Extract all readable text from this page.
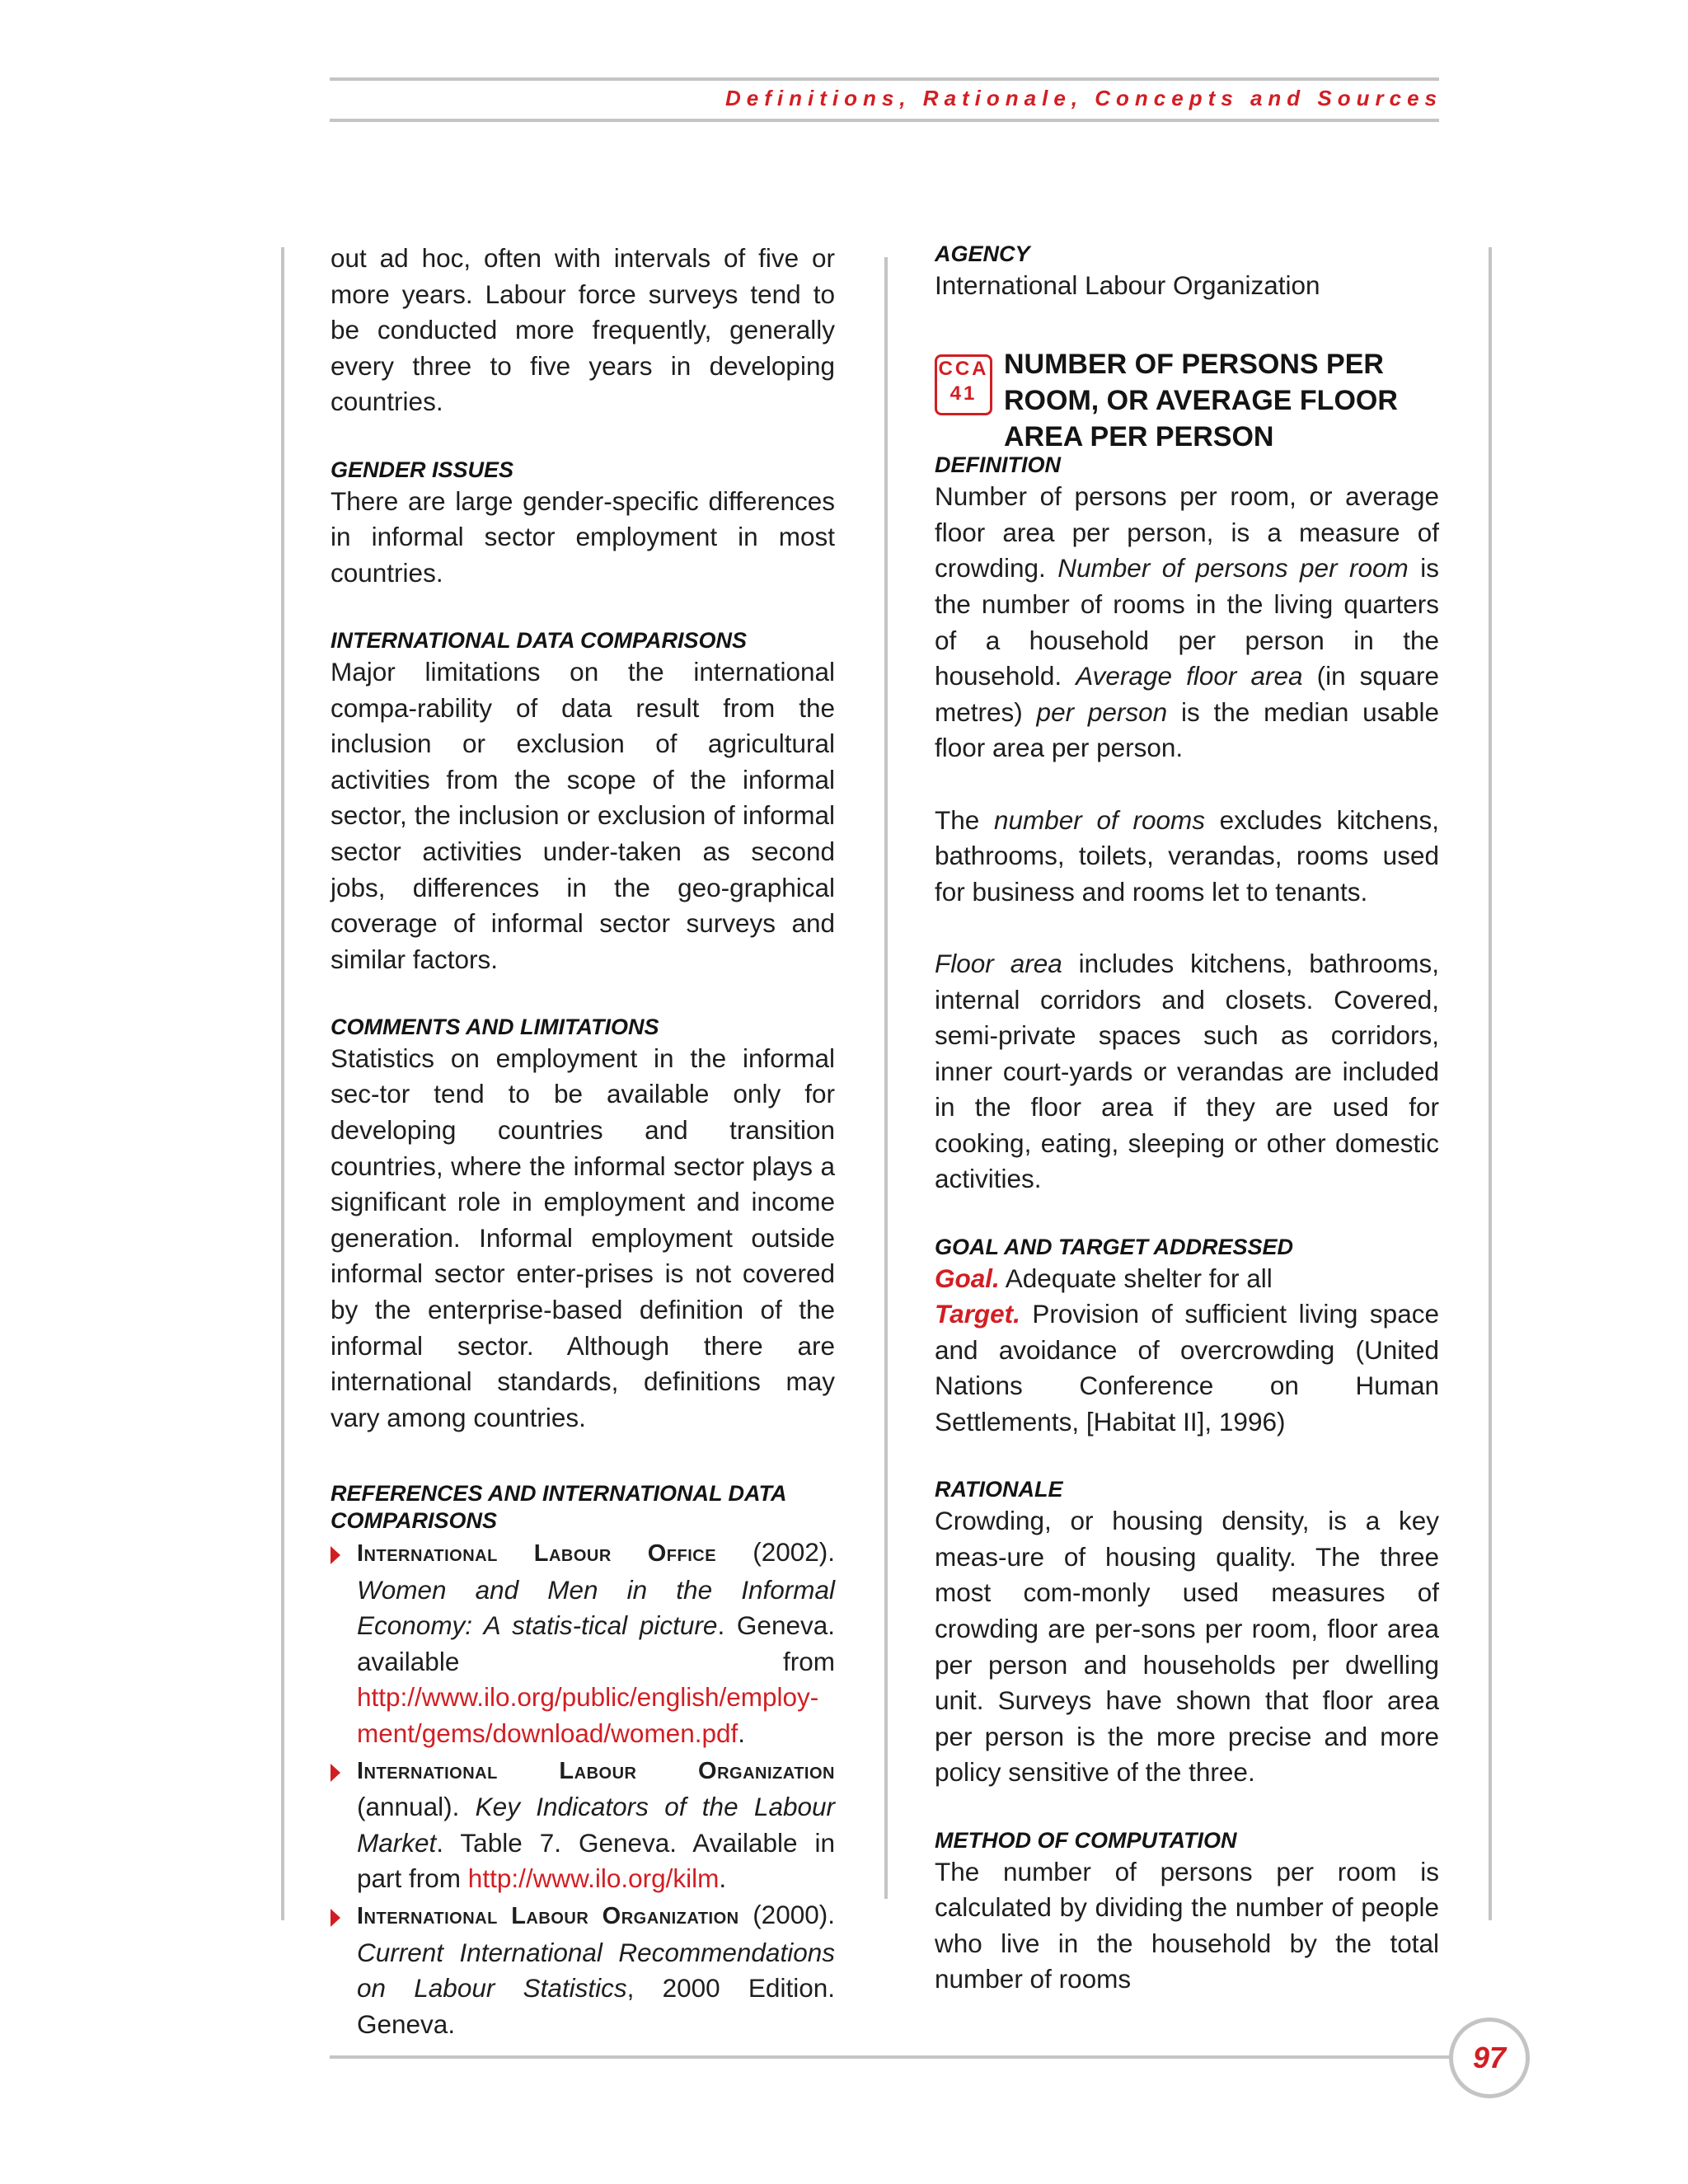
Definitions, Rationale, Concepts and Sources

out ad hoc, often with intervals of five or more years. Labour force surveys tend to be conducted more frequently, generally every three to five years in developing countries.

GENDER ISSUES

There are large gender-specific differences in informal sector employment in most countries.

INTERNATIONAL DATA COMPARISONS

Major limitations on the international compa-rability of data result from the inclusion or exclusion of agricultural activities from the scope of the informal sector, the inclusion or exclusion of informal sector activities under-taken as second jobs, differences in the geo-graphical coverage of informal sector surveys and similar factors.

COMMENTS AND LIMITATIONS

Statistics on employment in the informal sec-tor tend to be available only for developing countries and transition countries, where the informal sector plays a significant role in employment and income generation. Informal employment outside informal sector enter-prises is not covered by the enterprise-based definition of the informal sector. Although there are international standards, definitions may vary among countries.

REFERENCES AND INTERNATIONAL DATA COMPARISONS

International Labour Office (2002). Women and Men in the Informal Economy: A statis-tical picture. Geneva. available from http://www.ilo.org/public/english/employ-ment/gems/download/women.pdf.
International Labour Organization (annual). Key Indicators of the Labour Market. Table 7. Geneva. Available in part from http://www.ilo.org/kilm.
International Labour Organization (2000). Current International Recommendations on Labour Statistics, 2000 Edition. Geneva.

AGENCY

International Labour Organization

CCA
41
NUMBER OF PERSONS PER ROOM, OR AVERAGE FLOOR AREA PER PERSON

DEFINITION

Number of persons per room, or average floor area per person, is a measure of crowding. Number of persons per room is the number of rooms in the living quarters of a household per person in the household. Average floor area (in square metres) per person is the median usable floor area per person.

The number of rooms excludes kitchens, bathrooms, toilets, verandas, rooms used for business and rooms let to tenants.

Floor area includes kitchens, bathrooms, internal corridors and closets. Covered, semi-private spaces such as corridors, inner court-yards or verandas are included in the floor area if they are used for cooking, eating, sleeping or other domestic activities.

GOAL AND TARGET ADDRESSED

Goal. Adequate shelter for all

Target. Provision of sufficient living space and avoidance of overcrowding (United Nations Conference on Human Settlements, [Habitat II], 1996)

RATIONALE

Crowding, or housing density, is a key meas-ure of housing quality. The three most com-monly used measures of crowding are per-sons per room, floor area per person and households per dwelling unit. Surveys have shown that floor area per person is the more precise and more policy sensitive of the three.

METHOD OF COMPUTATION

The number of persons per room is calculated by dividing the number of people who live in the household by the total number of rooms

97
